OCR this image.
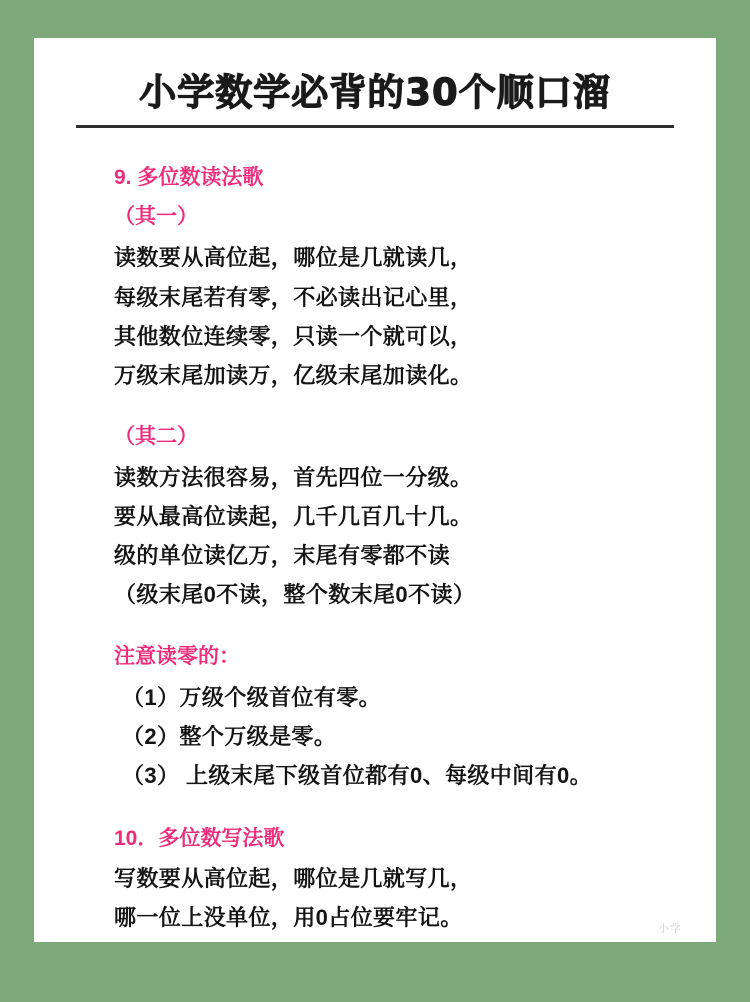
小学数学必背的30个顺口溜
9. 多位数读法歌
（其一）
读数要从高位起，哪位是几就读几，
每级末尾若有零，不必读出记心里，
其他数位连续零，只读一个就可以，
万级末尾加读万，亿级末尾加读化。
（其二）
读数方法很容易，首先四位一分级。
要从最高位读起，几千几百几十几。
级的单位读亿万，末尾有零都不读
（级末尾0不读，整个数末尾0不读）
注意读零的：
（1）万级个级首位有零。
（2）整个万级是零。
（3） 上级末尾下级首位都有0、每级中间有0。
10．多位数写法歌
写数要从高位起，哪位是几就写几，
哪一位上没单位，用0占位要牢记。	小学
